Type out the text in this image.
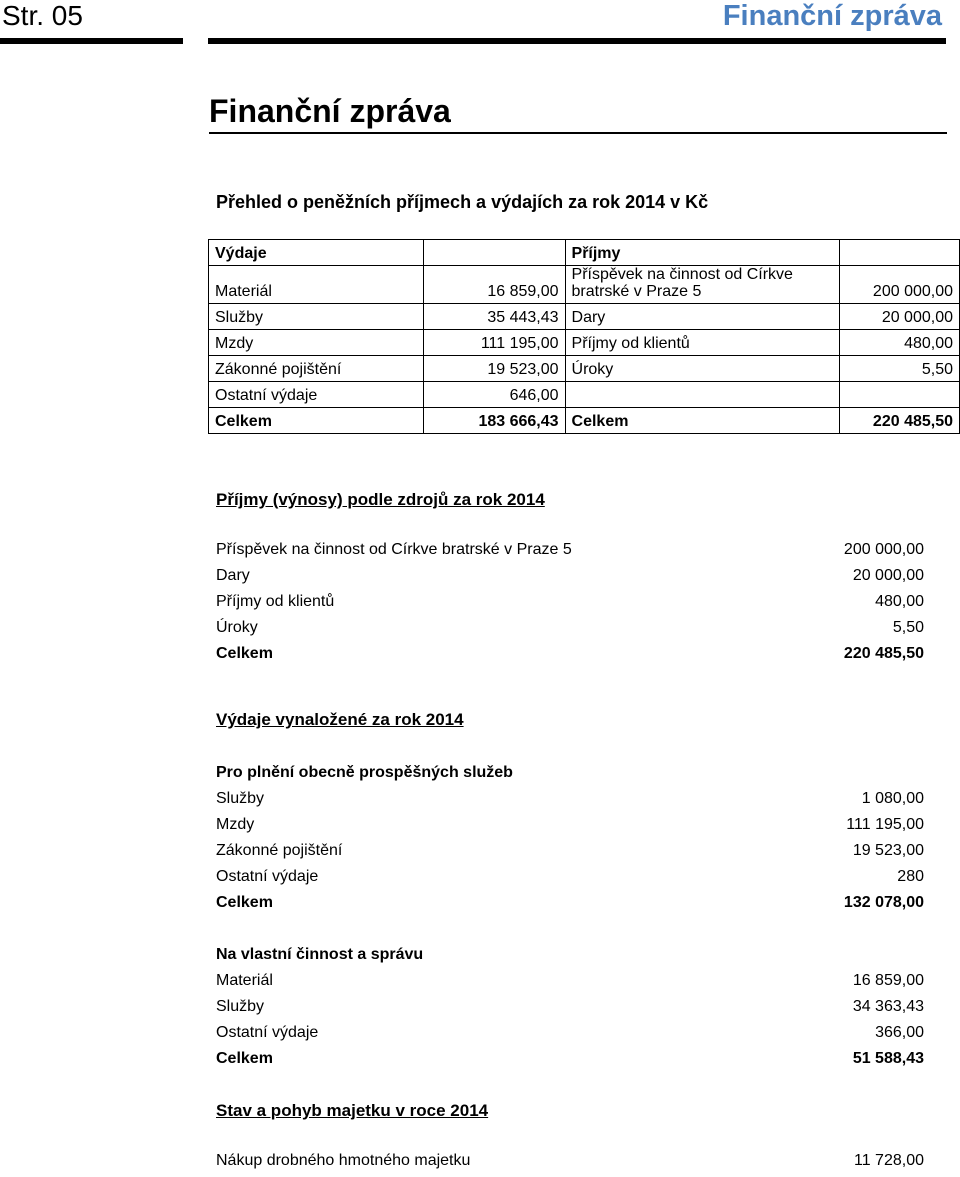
Str. 05	Finanční zpráva
Finanční zpráva
Přehled o peněžních příjmech a výdajích za rok 2014 v Kč
Výdaje		Příjmy	
Materiál	16 859,00	Příspěvek na činnost od Církve
bratrské v Praze 5	200 000,00
Služby	35 443,43	Dary	20 000,00
Mzdy	111 195,00	Příjmy od klientů	480,00
Zákonné pojištění	19 523,00	Úroky	5,50
Ostatní výdaje	646,00		
Celkem	183 666,43	Celkem	220 485,50
Příjmy (výnosy) podle zdrojů za rok 2014
Příspěvek na činnost od Církve bratrské v Praze 5	200 000,00
Dary	20 000,00
Příjmy od klientů	480,00
Úroky	5,50
Celkem	220 485,50
Výdaje vynaložené za rok 2014
Pro plnění obecně prospěšných služeb
Služby	1 080,00
Mzdy	111 195,00
Zákonné pojištění	19 523,00
Ostatní výdaje	280
Celkem	132 078,00
Na vlastní činnost a správu
Materiál	16 859,00
Služby	34 363,43
Ostatní výdaje	366,00
Celkem	51 588,43
Stav a pohyb majetku v roce 2014
Nákup drobného hmotného majetku	11 728,00
